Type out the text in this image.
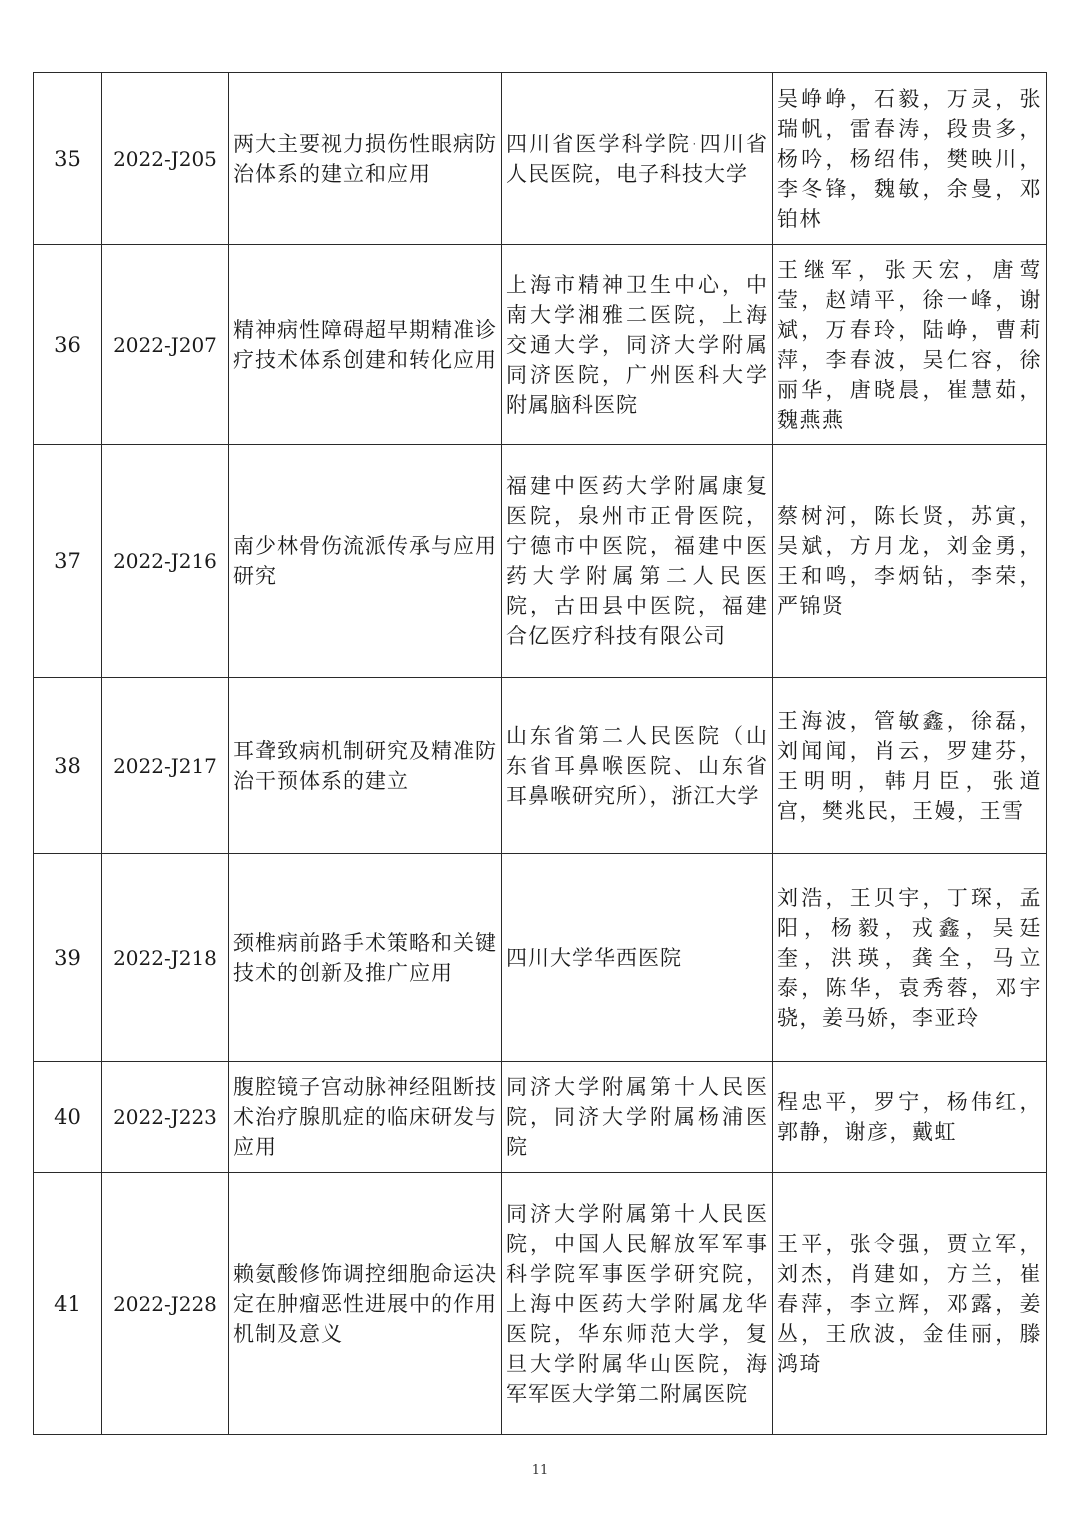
35	2022-J205	两大主要视力损伤性眼病防治体系的建立和应用	四川省医学科学院·四川省人民医院，电子科技大学	吴峥峥，石毅，万灵，张瑞帆，雷春涛，段贵多，杨吟，杨绍伟，樊映川，李冬锋，魏敏，余曼，邓铂林
36	2022-J207	精神病性障碍超早期精准诊疗技术体系创建和转化应用	上海市精神卫生中心，中南大学湘雅二医院，上海交通大学，同济大学附属同济医院，广州医科大学附属脑科医院	王继军，张天宏，唐莺莹，赵靖平，徐一峰，谢斌，万春玲，陆峥，曹莉萍，李春波，吴仁容，徐丽华，唐晓晨，崔慧茹，魏燕燕
37	2022-J216	南少林骨伤流派传承与应用研究	福建中医药大学附属康复医院，泉州市正骨医院，宁德市中医院，福建中医药大学附属第二人民医院，古田县中医院，福建合亿医疗科技有限公司	蔡树河，陈长贤，苏寅，吴斌，方月龙，刘金勇，王和鸣，李炳钻，李荣，严锦贤
38	2022-J217	耳聋致病机制研究及精准防治干预体系的建立	山东省第二人民医院（山东省耳鼻喉医院、山东省耳鼻喉研究所），浙江大学	王海波，管敏鑫，徐磊，刘闻闻，肖云，罗建芬，王明明，韩月臣，张道宫，樊兆民，王嫚，王雪
39	2022-J218	颈椎病前路手术策略和关键技术的创新及推广应用	四川大学华西医院	刘浩，王贝宇，丁琛，孟阳，杨毅，戎鑫，吴廷奎，洪瑛，龚全，马立泰，陈华，袁秀蓉，邓宇骁，姜马娇，李亚玲
40	2022-J223	腹腔镜子宫动脉神经阻断技术治疗腺肌症的临床研发与应用	同济大学附属第十人民医院，同济大学附属杨浦医院	程忠平，罗宁，杨伟红，郭静，谢彦，戴虹
41	2022-J228	赖氨酸修饰调控细胞命运决定在肿瘤恶性进展中的作用机制及意义	同济大学附属第十人民医院，中国人民解放军军事科学院军事医学研究院，上海中医药大学附属龙华医院，华东师范大学，复旦大学附属华山医院，海军军医大学第二附属医院	王平，张令强，贾立军，刘杰，肖建如，方兰，崔春萍，李立辉，邓露，姜丛，王欣波，金佳丽，滕鸿琦
11
